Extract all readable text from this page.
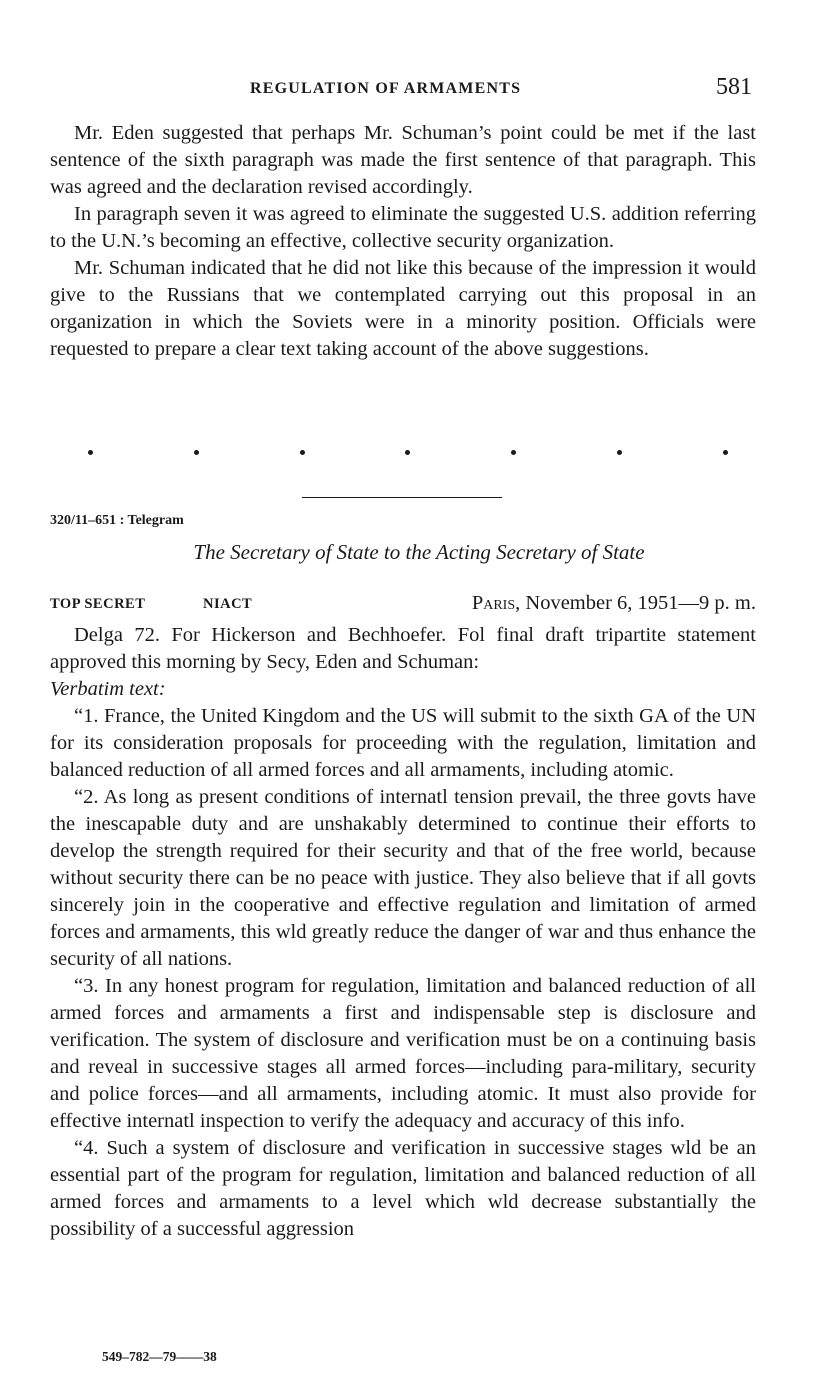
REGULATION OF ARMAMENTS	581

Mr. Eden suggested that perhaps Mr. Schuman’s point could be met if the last sentence of the sixth paragraph was made the first sentence of that paragraph. This was agreed and the declaration revised accordingly.

In paragraph seven it was agreed to eliminate the suggested U.S. addition referring to the U.N.’s becoming an effective, collective security organization.

Mr. Schuman indicated that he did not like this because of the impression it would give to the Russians that we contemplated carrying out this proposal in an organization in which the Soviets were in a minority position. Officials were requested to prepare a clear text taking account of the above suggestions.

320/11–651 : Telegram
The Secretary of State to the Acting Secretary of State
TOP SECRET	NIACT	Paris, November 6, 1951—9 p. m.

Delga 72. For Hickerson and Bechhoefer. Fol final draft tripartite statement approved this morning by Secy, Eden and Schuman:

Verbatim text:

“1. France, the United Kingdom and the US will submit to the sixth GA of the UN for its consideration proposals for proceeding with the regulation, limitation and balanced reduction of all armed forces and all armaments, including atomic.

“2. As long as present conditions of internatl tension prevail, the three govts have the inescapable duty and are unshakably determined to continue their efforts to develop the strength required for their security and that of the free world, because without security there can be no peace with justice. They also believe that if all govts sincerely join in the cooperative and effective regulation and limitation of armed forces and armaments, this wld greatly reduce the danger of war and thus enhance the security of all nations.

“3. In any honest program for regulation, limitation and balanced reduction of all armed forces and armaments a first and indispensable step is disclosure and verification. The system of disclosure and verification must be on a continuing basis and reveal in successive stages all armed forces—including para-military, security and police forces—and all armaments, including atomic. It must also provide for effective internatl inspection to verify the adequacy and accuracy of this info.

“4. Such a system of disclosure and verification in successive stages wld be an essential part of the program for regulation, limitation and balanced reduction of all armed forces and armaments to a level which wld decrease substantially the possibility of a successful aggression

549–782—79——38
